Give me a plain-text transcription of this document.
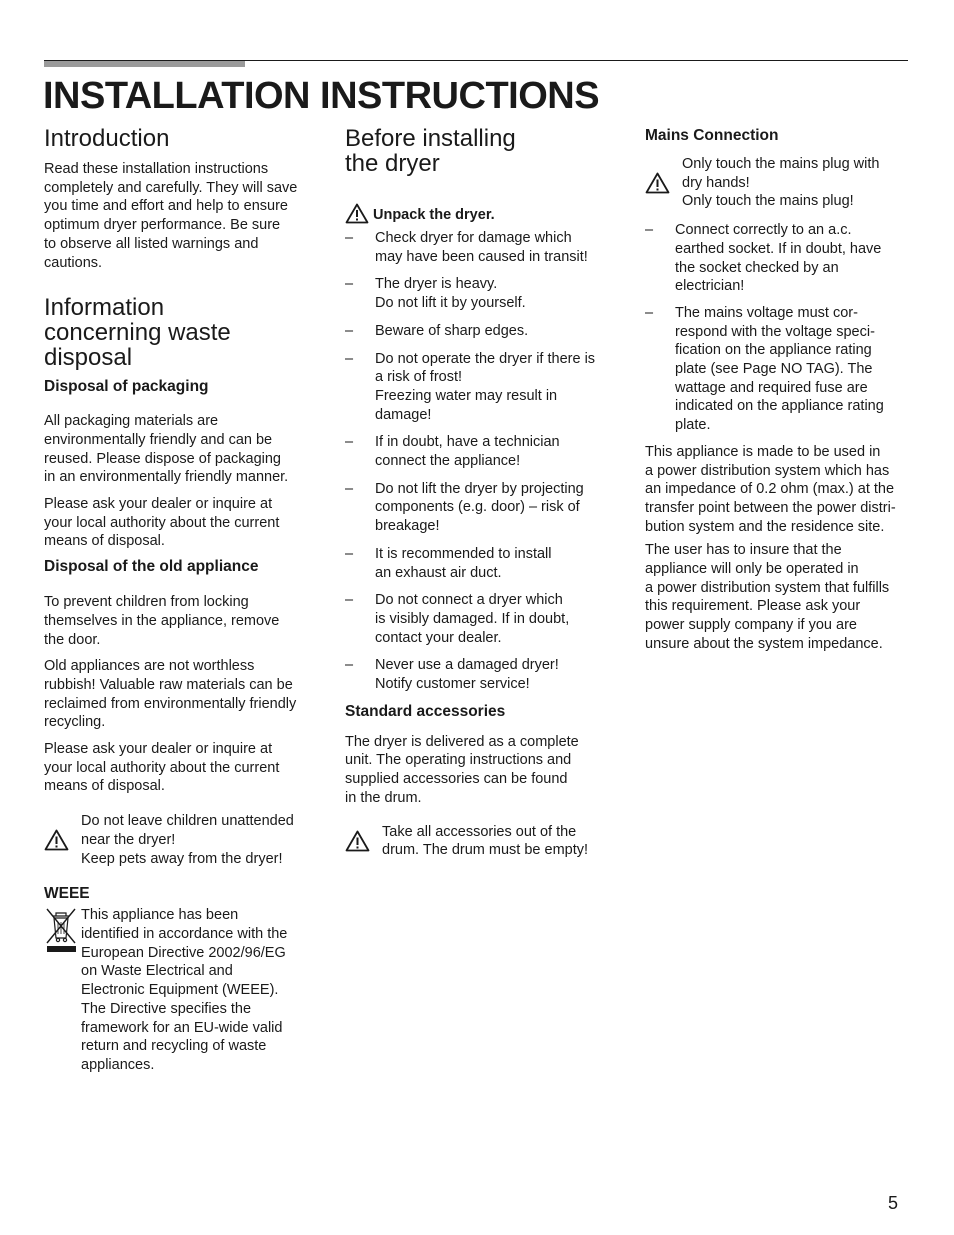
INSTALLATION INSTRUCTIONS
Introduction

Read these installation instructions
completely and carefully. They will save
you time and effort and help to ensure
optimum dryer performance. Be sure
to observe all listed warnings and
cautions.

Information
concerning waste
disposal
Disposal of packaging

All packaging materials are
environmentally friendly and can be
reused. Please dispose of packaging
in an environmentally friendly manner.

Please ask your dealer or inquire at
your local authority about the current
means of disposal.

Disposal of the old appliance

To prevent children from locking
themselves in the appliance, remove
the door.

Old appliances are not worthless
rubbish! Valuable raw materials can be
reclaimed from environmentally friendly
recycling.

Please ask your dealer or inquire at
your local authority about the current
means of disposal.

Do not leave children unattended
near the dryer!
Keep pets away from the dryer!
WEEE
This appliance has been
identified in accordance with the
European Directive 2002/96/EG
on Waste Electrical and
Electronic Equipment (WEEE).
The Directive specifies the
framework for an EU-wide valid
return and recycling of waste
appliances.
Before installing
the dryer
Unpack the dryer.
– Check dryer for damage which
may have been caused in transit!
– The dryer is heavy.
Do not lift it by yourself.
– Beware of sharp edges.
– Do not operate the dryer if there is
a risk of frost!
Freezing water may result in
damage!
– If in doubt, have a technician
connect the appliance!
– Do not lift the dryer by projecting
components (e.g. door) – risk of
breakage!
– It is recommended to install
an exhaust air duct.
– Do not connect a dryer which
is visibly damaged. If in doubt,
contact your dealer.
– Never use a damaged dryer!
Notify customer service!
Standard accessories

The dryer is delivered as a complete
unit. The operating instructions and
supplied accessories can be found
in the drum.

Take all accessories out of the
drum. The drum must be empty!
Mains Connection
Only touch the mains plug with
dry hands!
Only touch the mains plug!
– Connect correctly to an a.c.
earthed socket. If in doubt, have
the socket checked by an
electrician!
– The mains voltage must cor-
respond with the voltage speci-
fication on the appliance rating
plate (see Page NO TAG). The
wattage and required fuse are
indicated on the appliance rating
plate.

This appliance is made to be used in
a power distribution system which has
an impedance of 0.2 ohm (max.) at the
transfer point between the power distri-
bution system and the residence site.

The user has to insure that the
appliance will only be operated in
a power distribution system that fulfills
this requirement. Please ask your
power supply company if you are
unsure about the system impedance.

5
